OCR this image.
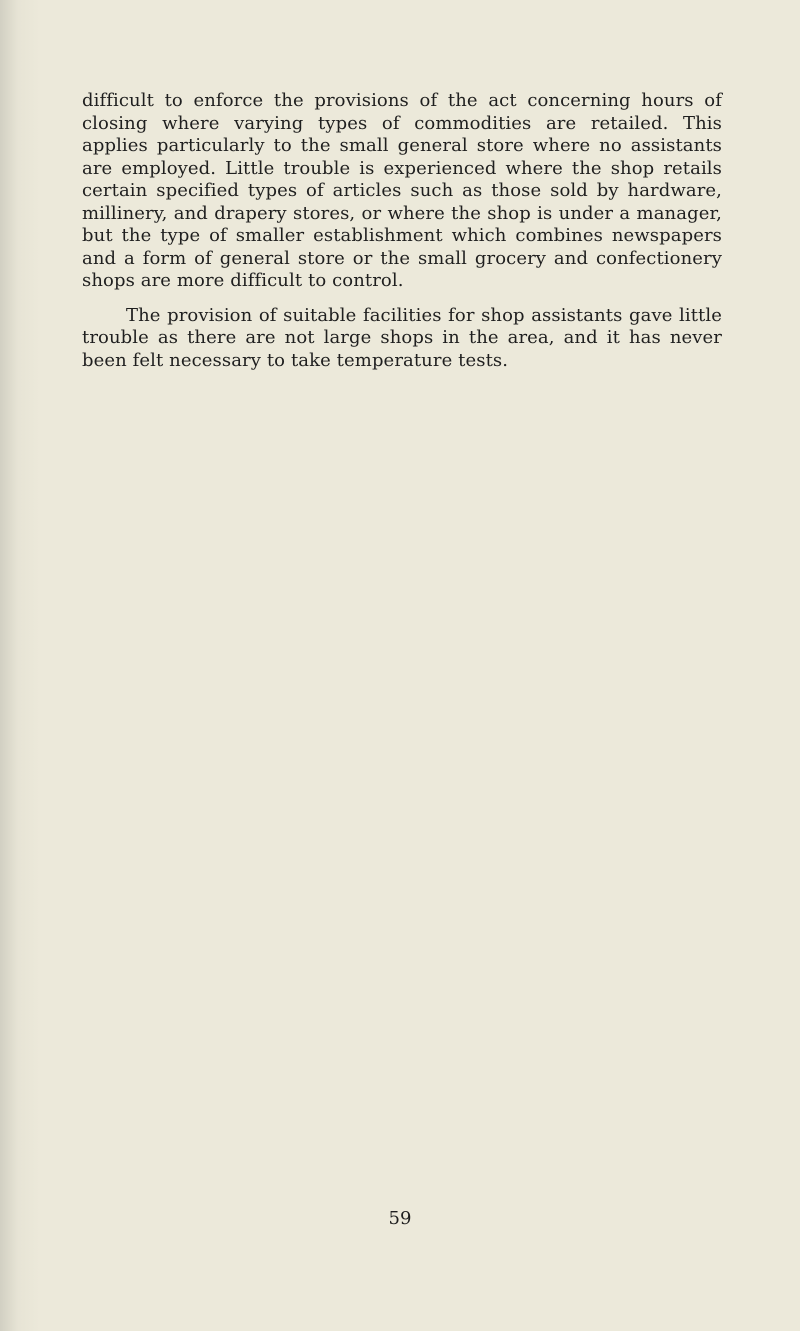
difficult to enforce the provisions of the act concerning hours of closing where varying types of commodities are retailed. This applies particularly to the small general store where no assistants are employed. Little trouble is experienced where the shop retails certain specified types of articles such as those sold by hardware, millinery, and drapery stores, or where the shop is under a manager, but the type of smaller establishment which combines newspapers and a form of general store or the small grocery and confectionery shops are more difficult to control.

The provision of suitable facilities for shop assistants gave little trouble as there are not large shops in the area, and it has never been felt necessary to take temperature tests.

59
